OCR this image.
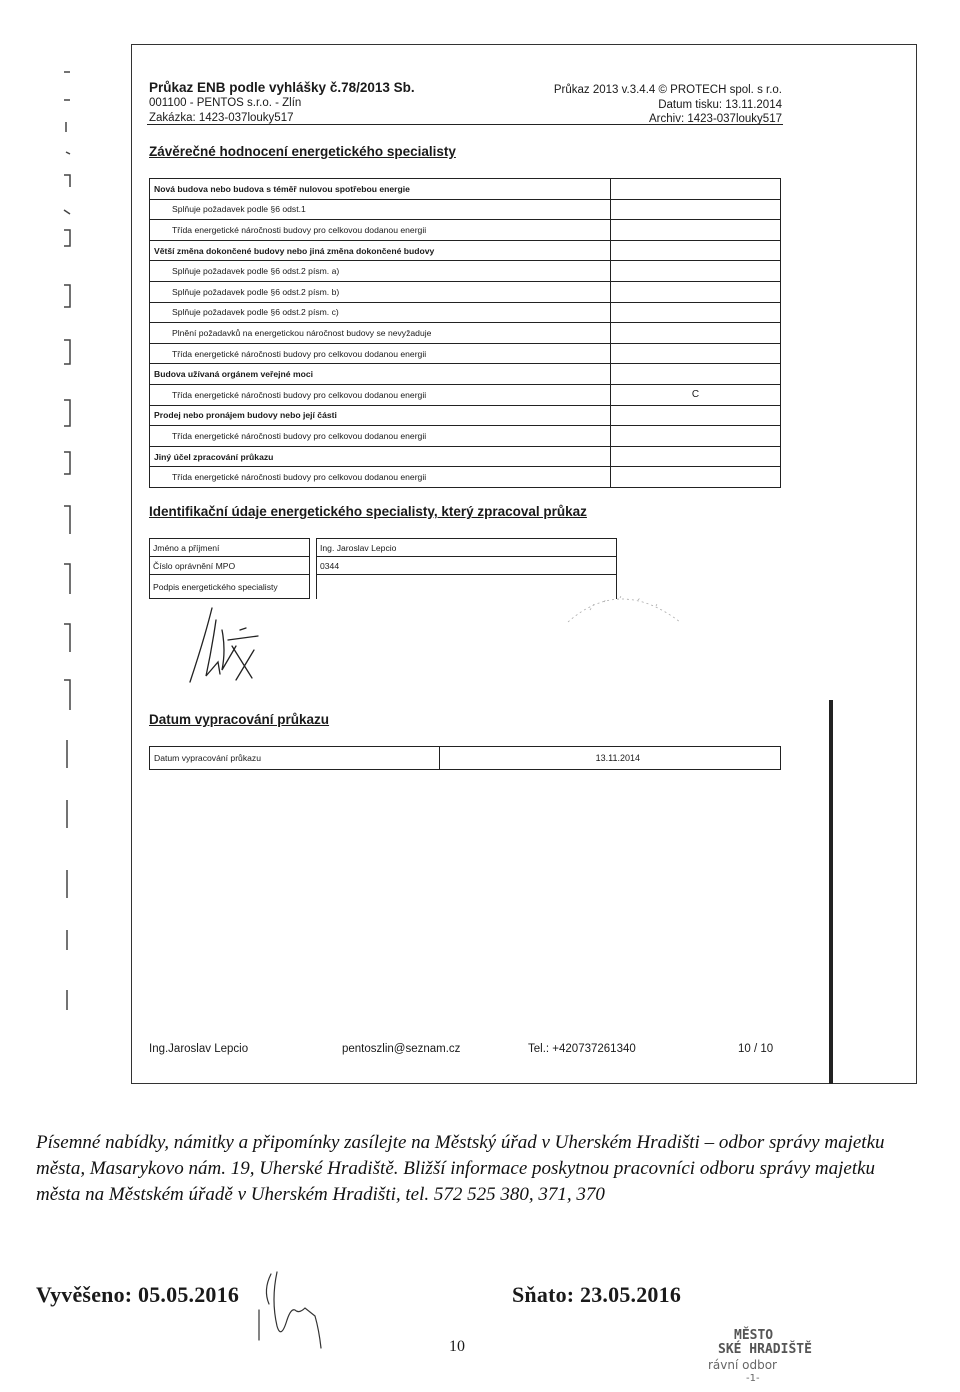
Průkaz ENB podle vyhlášky č.78/2013 Sb.
001100 - PENTOS s.r.o. - Zlín
Zakázka: 1423-037louky517
Průkaz 2013 v.3.4.4 © PROTECH spol. s r.o.
Datum tisku: 13.11.2014
Archiv: 1423-037louky517
Závěrečné hodnocení energetického specialisty
Nová budova nebo budova s téměř nulovou spotřebou energie	
Splňuje požadavek podle §6 odst.1	
Třída energetické náročnosti budovy pro celkovou dodanou energii	
Větší změna dokončené budovy nebo jiná změna dokončené budovy	
Splňuje požadavek podle §6 odst.2 písm. a)	
Splňuje požadavek podle §6 odst.2 písm. b)	
Splňuje požadavek podle §6 odst.2 písm. c)	
Plnění požadavků na energetickou náročnost budovy se nevyžaduje	
Třída energetické náročnosti budovy pro celkovou dodanou energii	
Budova užívaná orgánem veřejné moci	
Třída energetické náročnosti budovy pro celkovou dodanou energii	C
Prodej nebo pronájem budovy nebo její části	
Třída energetické náročnosti budovy pro celkovou dodanou energii	
Jiný účel zpracování průkazu	
Třída energetické náročnosti budovy pro celkovou dodanou energii	
Identifikační údaje energetického specialisty, který zpracoval průkaz
Jméno a příjmení		Ing. Jaroslav Lepcio
Číslo oprávnění MPO		0344
Podpis energetického specialisty		
Datum vypracování průkazu
Datum vypracování průkazu	13.11.2014
Ing.Jaroslav Lepcio	pentoszlin@seznam.cz	Tel.: +420737261340	10 / 10
Písemné nabídky, námitky a připomínky zasílejte na Městský úřad v Uherském Hradišti – odbor správy majetku města, Masarykovo nám. 19, Uherské Hradiště. Bližší informace poskytnou pracovníci odboru správy majetku města na Městském úřadě v Uherském Hradišti, tel. 572 525 380, 371, 370
Vyvěšeno: 05.05.2016	Sňato: 23.05.2016
10
MĚSTO
SKÉ HRADIŠTĚ
rávní odbor
-1-
